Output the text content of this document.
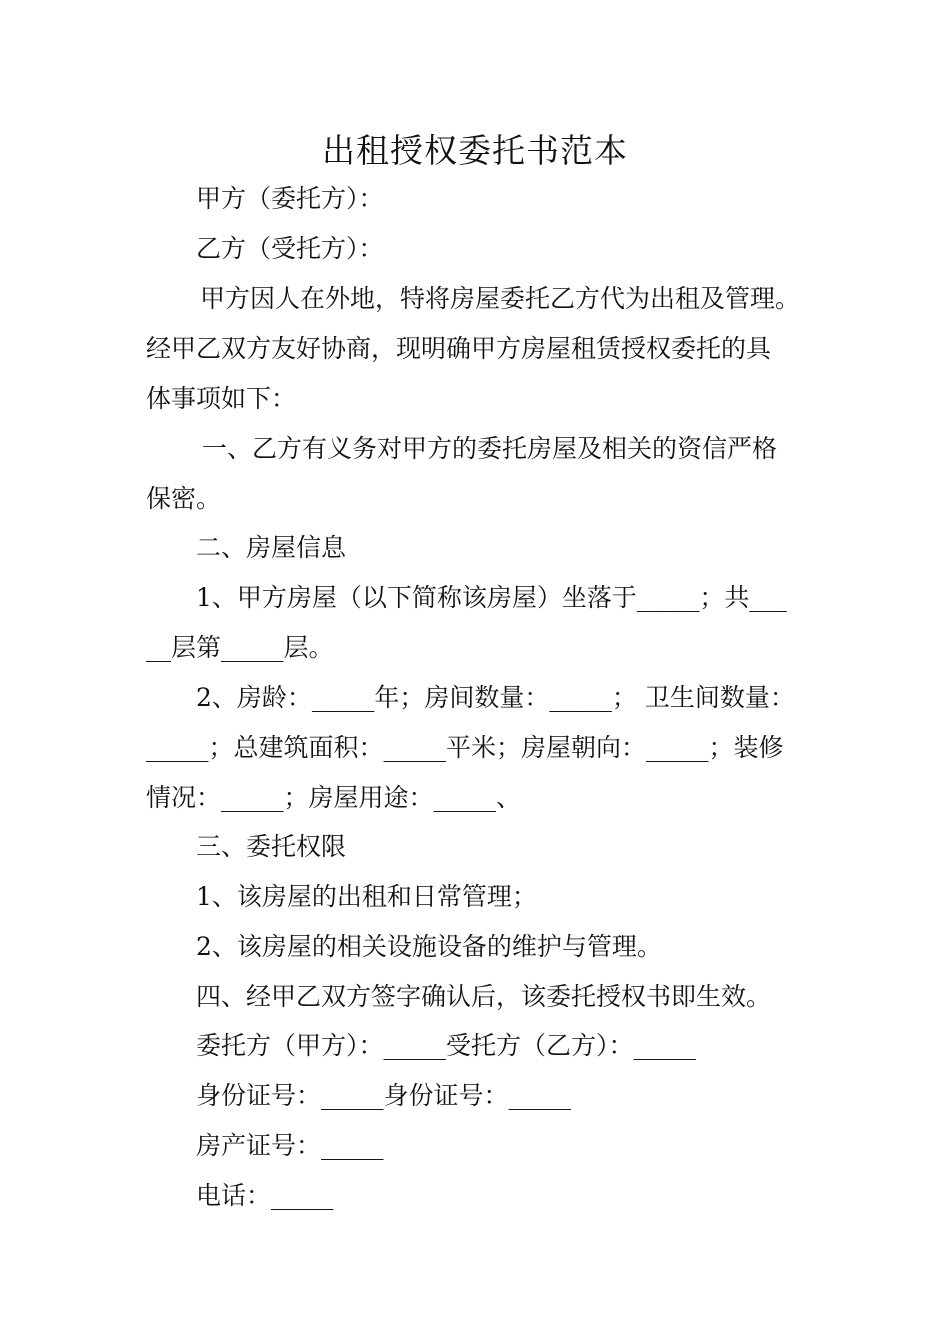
出租授权委托书范本
甲方（委托方）：
乙方（受托方）：
甲方因人在外地，特将房屋委托乙方代为出租及管理。
经甲乙双方友好协商，现明确甲方房屋租赁授权委托的具
体事项如下：
一、乙方有义务对甲方的委托房屋及相关的资信严格
保密。
二、房屋信息
1、甲方房屋（以下简称该房屋）坐落于_____；共___
__层第_____层。
2、房龄：_____年；房间数量：_____； 卫生间数量：
_____；总建筑面积：_____平米；房屋朝向：_____；装修
情况：_____；房屋用途：_____、
三、委托权限
1、该房屋的出租和日常管理；
2、该房屋的相关设施设备的维护与管理。
四、经甲乙双方签字确认后，该委托授权书即生效。
委托方（甲方）：_____受托方（乙方）：_____
身份证号：_____身份证号：_____
房产证号：_____
电话：_____
